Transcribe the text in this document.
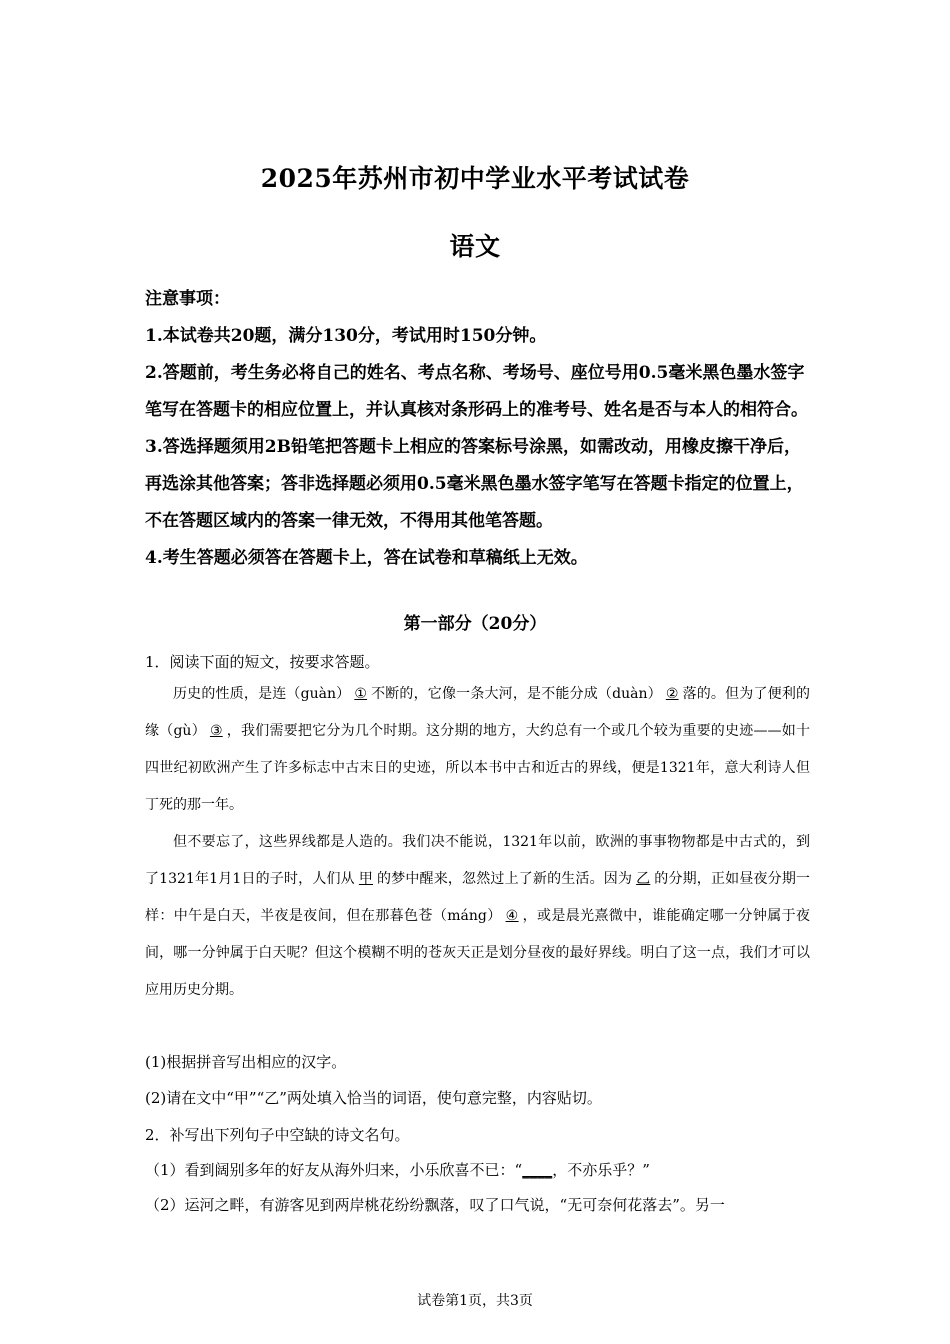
2025年苏州市初中学业水平考试试卷
语文

注意事项：

1.本试卷共20题，满分130分，考试用时150分钟。

2.答题前，考生务必将自己的姓名、考点名称、考场号、座位号用0.5毫米黑色墨水签字笔写在答题卡的相应位置上，并认真核对条形码上的准考号、姓名是否与本人的相符合。

3.答选择题须用2B铅笔把答题卡上相应的答案标号涂黑，如需改动，用橡皮擦干净后，再选涂其他答案；答非选择题必须用0.5毫米黑色墨水签字笔写在答题卡指定的位置上，不在答题区域内的答案一律无效，不得用其他笔答题。

4.考生答题必须答在答题卡上，答在试卷和草稿纸上无效。

第一部分（20分）
1．阅读下面的短文，按要求答题。

历史的性质，是连（guàn） ① 不断的，它像一条大河，是不能分成（duàn） ② 落的。但为了便利的缘（gù） ③ ，我们需要把它分为几个时期。这分期的地方，大约总有一个或几个较为重要的史迹——如十四世纪初欧洲产生了许多标志中古末日的史迹，所以本书中古和近古的界线，便是1321年，意大利诗人但丁死的那一年。

但不要忘了，这些界线都是人造的。我们决不能说，1321年以前，欧洲的事事物物都是中古式的，到了1321年1月1日的子时，人们从 甲 的梦中醒来，忽然过上了新的生活。因为 乙 的分期，正如昼夜分期一样：中午是白天，半夜是夜间，但在那暮色苍（máng） ④ ，或是晨光熹微中，谁能确定哪一分钟属于夜间，哪一分钟属于白天呢？但这个模糊不明的苍灰天正是划分昼夜的最好界线。明白了这一点，我们才可以应用历史分期。

(1)根据拼音写出相应的汉字。
(2)请在文中“甲”“乙”两处填入恰当的词语，使句意完整，内容贴切。
2．补写出下列句子中空缺的诗文名句。
（1）看到阔别多年的好友从海外归来，小乐欣喜不已：“____，不亦乐乎？”
（2）运河之畔，有游客见到两岸桃花纷纷飘落，叹了口气说，“无可奈何花落去”。另一
试卷第1页，共3页
